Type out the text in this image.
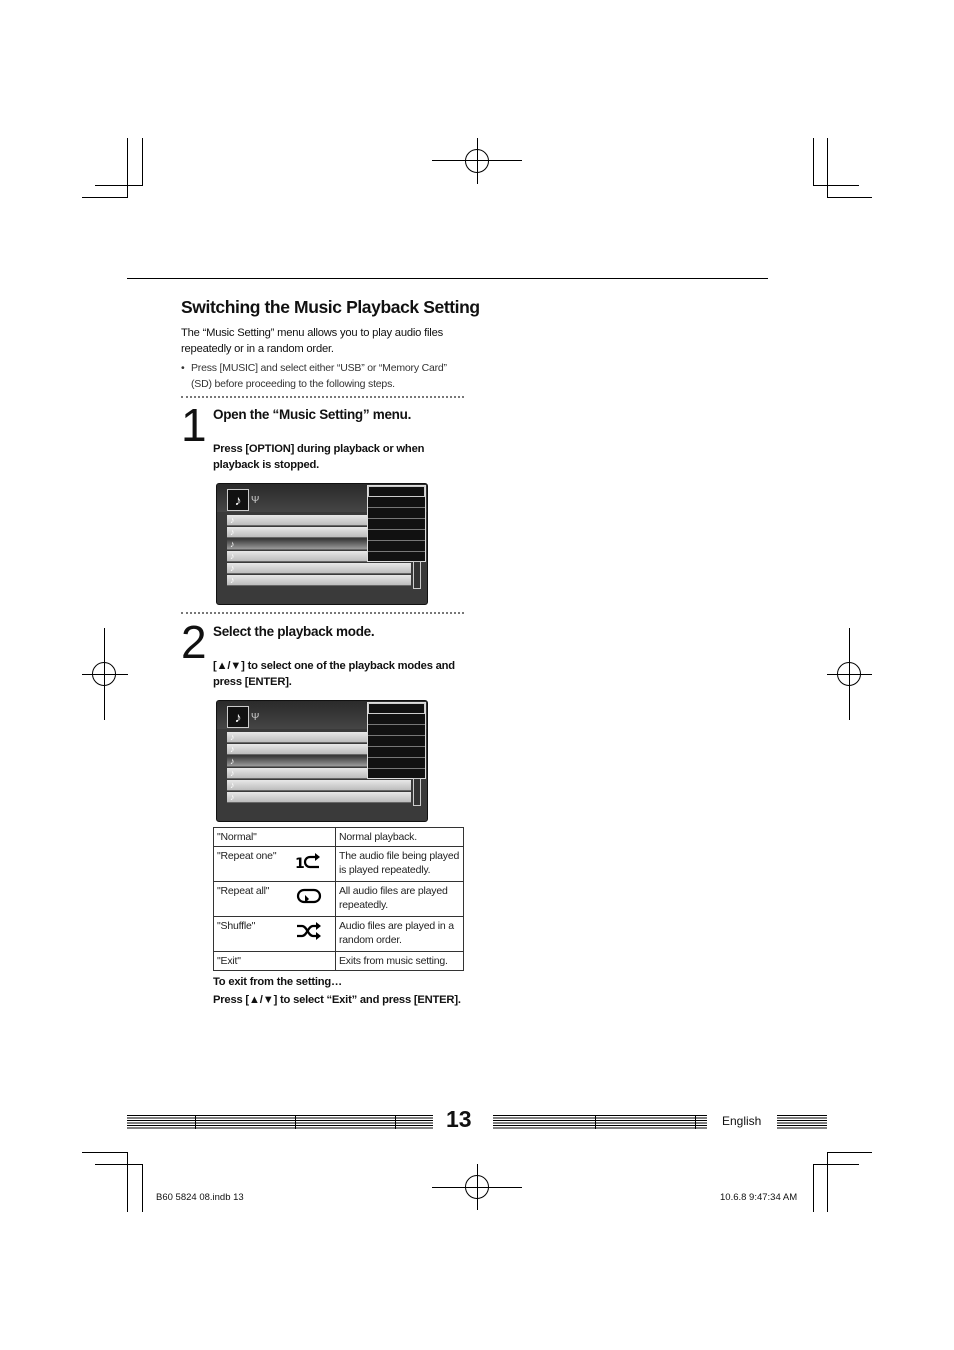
Switching the Music Playback Setting
The “Music Setting” menu allows you to play audio files repeatedly or in a random order.
• Press [MUSIC] and select either “USB” or “Memory Card” (SD) before proceeding to the following steps.
1 Open the “Music Setting” menu.
Press [OPTION] during playback or when playback is stopped.
♪ Ψ
♪
♪
♪
♪
♪
♪
2 Select the playback mode.
[▲/▼] to select one of the playback modes and press [ENTER].
♪ Ψ
♪
♪
♪
♪
♪
♪
"Normal"	Normal playback.
"Repeat one" 1	The audio file being played is played repeatedly.
"Repeat all"	All audio files are played repeatedly.
"Shuffle"	Audio files are played in a random order.
"Exit"	Exits from music setting.
To exit from the setting…
Press [▲/▼] to select “Exit” and press [ENTER].
13	English
B60 5824 08.indb 13	10.6.8 9:47:34 AM
